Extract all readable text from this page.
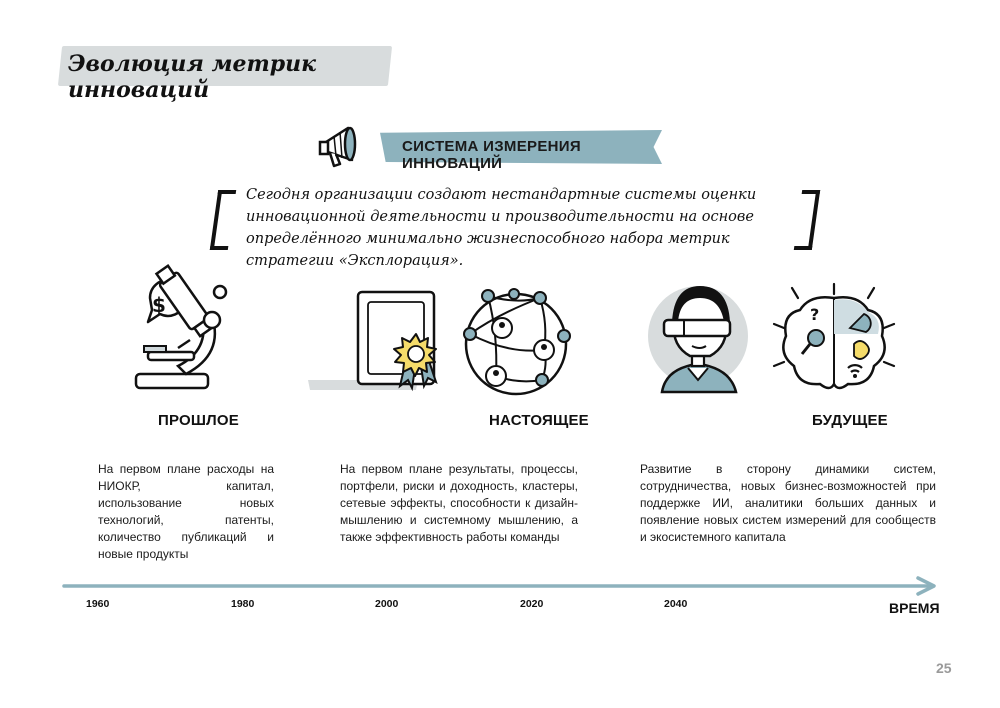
Эволюция метрик инноваций
СИСТЕМА ИЗМЕРЕНИЯ ИННОВАЦИЙ
Сегодня организации создают нестандартные системы оценки инновационной деятельности и производительности на основе определённого минимально жизнеспособного набора метрик стратегии «Эксплорация».
$	?
ПРОШЛОЕ	НАСТОЯЩЕЕ	БУДУЩЕЕ
На первом плане расходы на НИОКР, капитал, использование новых технологий, патенты, количество публикаций и новые продукты
На первом плане результаты, процессы, портфели, риски и доходность, кластеры, сетевые эффекты, способности к дизайн-мышлению и системному мышлению, а также эффективность работы команды
Развитие в сторону динамики систем, сотрудничества, новых бизнес-возможностей при поддержке ИИ, аналитики больших данных и появление новых систем измерений для сообществ и экосистемного капитала
1960	1980	2000	2020	2040	ВРЕМЯ
25
